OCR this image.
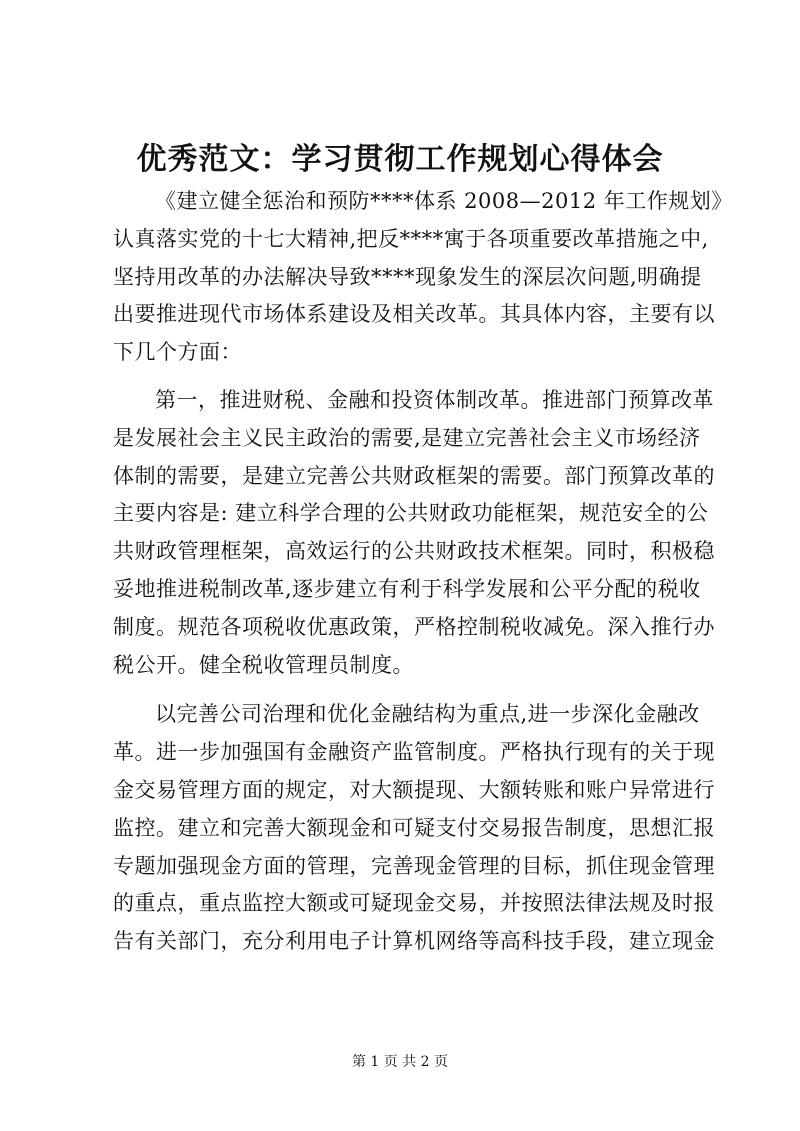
优秀范文：学习贯彻工作规划心得体会
《建立健全惩治和预防****体系 2008—2012 年工作规划》
认真落实党的十七大精神,把反****寓于各项重要改革措施之中,
坚持用改革的办法解决导致****现象发生的深层次问题,明确提
出要推进现代市场体系建设及相关改革。其具体内容，主要有以
下几个方面：
第一，推进财税、金融和投资体制改革。推进部门预算改革
是发展社会主义民主政治的需要,是建立完善社会主义市场经济
体制的需要，是建立完善公共财政框架的需要。部门预算改革的
主要内容是: 建立科学合理的公共财政功能框架，规范安全的公
共财政管理框架，高效运行的公共财政技术框架。同时，积极稳
妥地推进税制改革,逐步建立有利于科学发展和公平分配的税收
制度。规范各项税收优惠政策，严格控制税收减免。深入推行办
税公开。健全税收管理员制度。
以完善公司治理和优化金融结构为重点,进一步深化金融改
革。进一步加强国有金融资产监管制度。严格执行现有的关于现
金交易管理方面的规定，对大额提现、大额转账和账户异常进行
监控。建立和完善大额现金和可疑支付交易报告制度，思想汇报
专题加强现金方面的管理，完善现金管理的目标，抓住现金管理
的重点，重点监控大额或可疑现金交易，并按照法律法规及时报
告有关部门，充分利用电子计算机网络等高科技手段，建立现金
第 1 页 共 2 页
